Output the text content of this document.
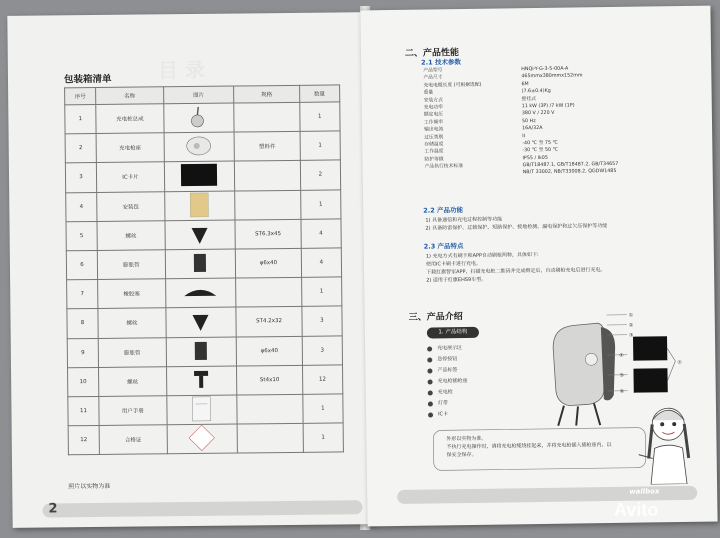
包装箱清单
序号	名称	图片	规格	数量
1	充电桩总成			1
2	充电枪座		塑料件	1
3	IC卡片			2
4	安装包			1
5	螺丝		ST6.3x45	4
6	膨胀管		φ6x40	4
7	橡胶塞			1
8	螺丝		ST4.2x32	3
9	膨胀管		φ6x40	3
10	螺丝		St4x10	12
11	用户手册			1
12	合格证			1
照片以实物为准
2
二、产品性能
2.1 技术参数
产品型号	HNQI-Y-G-3-5-00A-A
产品尺寸	465mmx380mmx152mm
充电电缆长度 (可根据选配)	6M
重量	(7.6±0.4)Kg
安装方式	壁挂式
充电功率	11 kW (3P) /7 kW (1P)
额定电压	380 V / 220 V
工作频率	50 Hz
输出电流	16A/32A
过压类别	II
存储温度	-40 ℃ 至 75 ℃
工作温度	-30 ℃ 至 50 ℃
防护等级	IP55 / Ik05
产品执行技术标准	GB/T18487.1, GB/T18487.2, GB/T34657
NB/T 33002, NB/T33008.2, QGDW1485
2.2 产品功能
1) 具备通信和充电过程控制等功能
2) 具备防雷保护、过载保护、短路保护、接地检测、漏电保护和过欠压保护等功能
2.3 产品特点
1) 充电方式有刷卡和APP自动刷枪两种，具体如下:
使用IC卡刷卡进行充电。
下载红旗智家APP，扫描充电桩二维码并完成绑定后，自动刷枪充电后进行充电。
2) 适用于红旗EHS9车型。
三、产品介绍
1. 产品结构
充电展示区
急停按钮
产品标签
充电枪插枪座
充电枪
灯带
IC卡
①
②
③
④
⑤
⑥
⑦
外形以实物为准。
不执行充电操作时，请将充电枪缆绕挂起来，并将充电枪插入插枪座内，以
保安全保存。
wallbox
Avito
